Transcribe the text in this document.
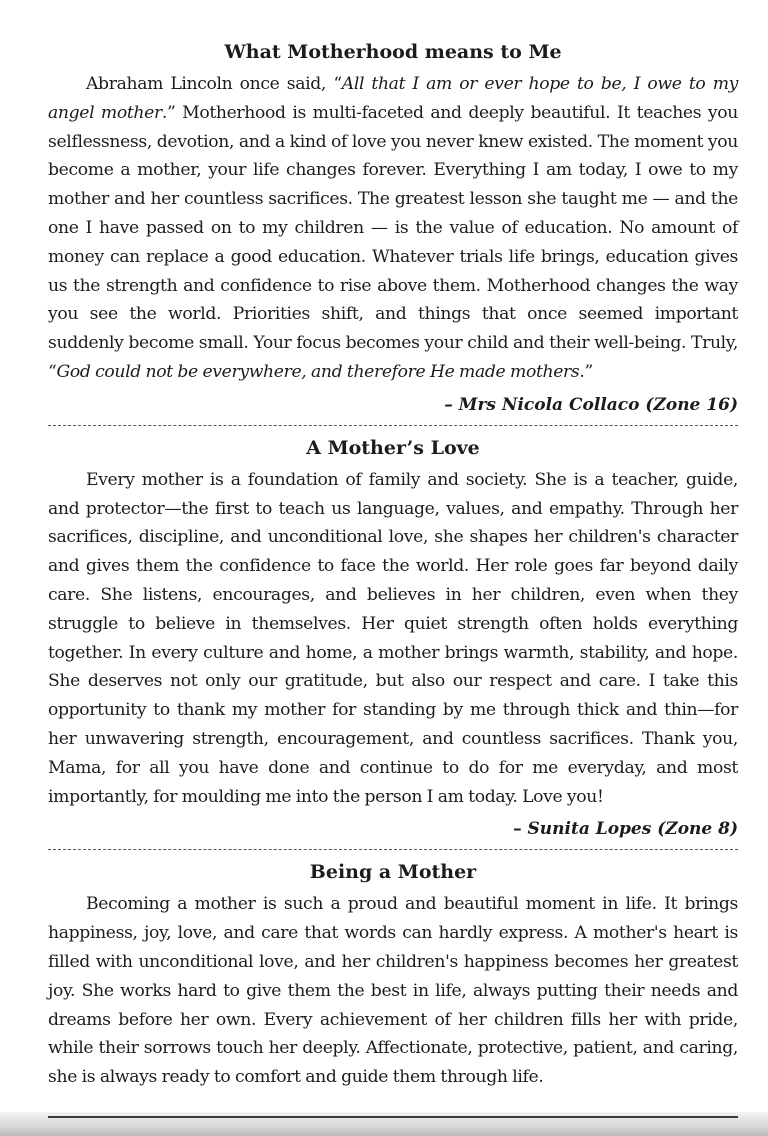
What Motherhood means to Me

Abraham Lincoln once said, “All that I am or ever hope to be, I owe to my angel mother.” Motherhood is multi-faceted and deeply beautiful. It teaches you selflessness, devotion, and a kind of love you never knew existed. The moment you become a mother, your life changes forever. Everything I am today, I owe to my mother and her countless sacrifices. The greatest lesson she taught me — and the one I have passed on to my children — is the value of education. No amount of money can replace a good education. Whatever trials life brings, education gives us the strength and confidence to rise above them. Motherhood changes the way you see the world. Priorities shift, and things that once seemed important suddenly become small. Your focus becomes your child and their well-being. Truly, “God could not be everywhere, and therefore He made mothers.”

– Mrs Nicola Collaco (Zone 16)

A Mother’s Love

Every mother is a foundation of family and society. She is a teacher, guide, and protector—the first to teach us language, values, and empathy. Through her sacrifices, discipline, and unconditional love, she shapes her children's character and gives them the confidence to face the world. Her role goes far beyond daily care. She listens, encourages, and believes in her children, even when they struggle to believe in themselves. Her quiet strength often holds everything together. In every culture and home, a mother brings warmth, stability, and hope. She deserves not only our gratitude, but also our respect and care. I take this opportunity to thank my mother for standing by me through thick and thin—for her unwavering strength, encouragement, and countless sacrifices. Thank you, Mama, for all you have done and continue to do for me everyday, and most importantly, for moulding me into the person I am today. Love you!

– Sunita Lopes (Zone 8)

Being a Mother

Becoming a mother is such a proud and beautiful moment in life. It brings happiness, joy, love, and care that words can hardly express. A mother's heart is filled with unconditional love, and her children's happiness becomes her greatest joy. She works hard to give them the best in life, always putting their needs and dreams before her own. Every achievement of her children fills her with pride, while their sorrows touch her deeply. Affectionate, protective, patient, and caring, she is always ready to comfort and guide them through life.
